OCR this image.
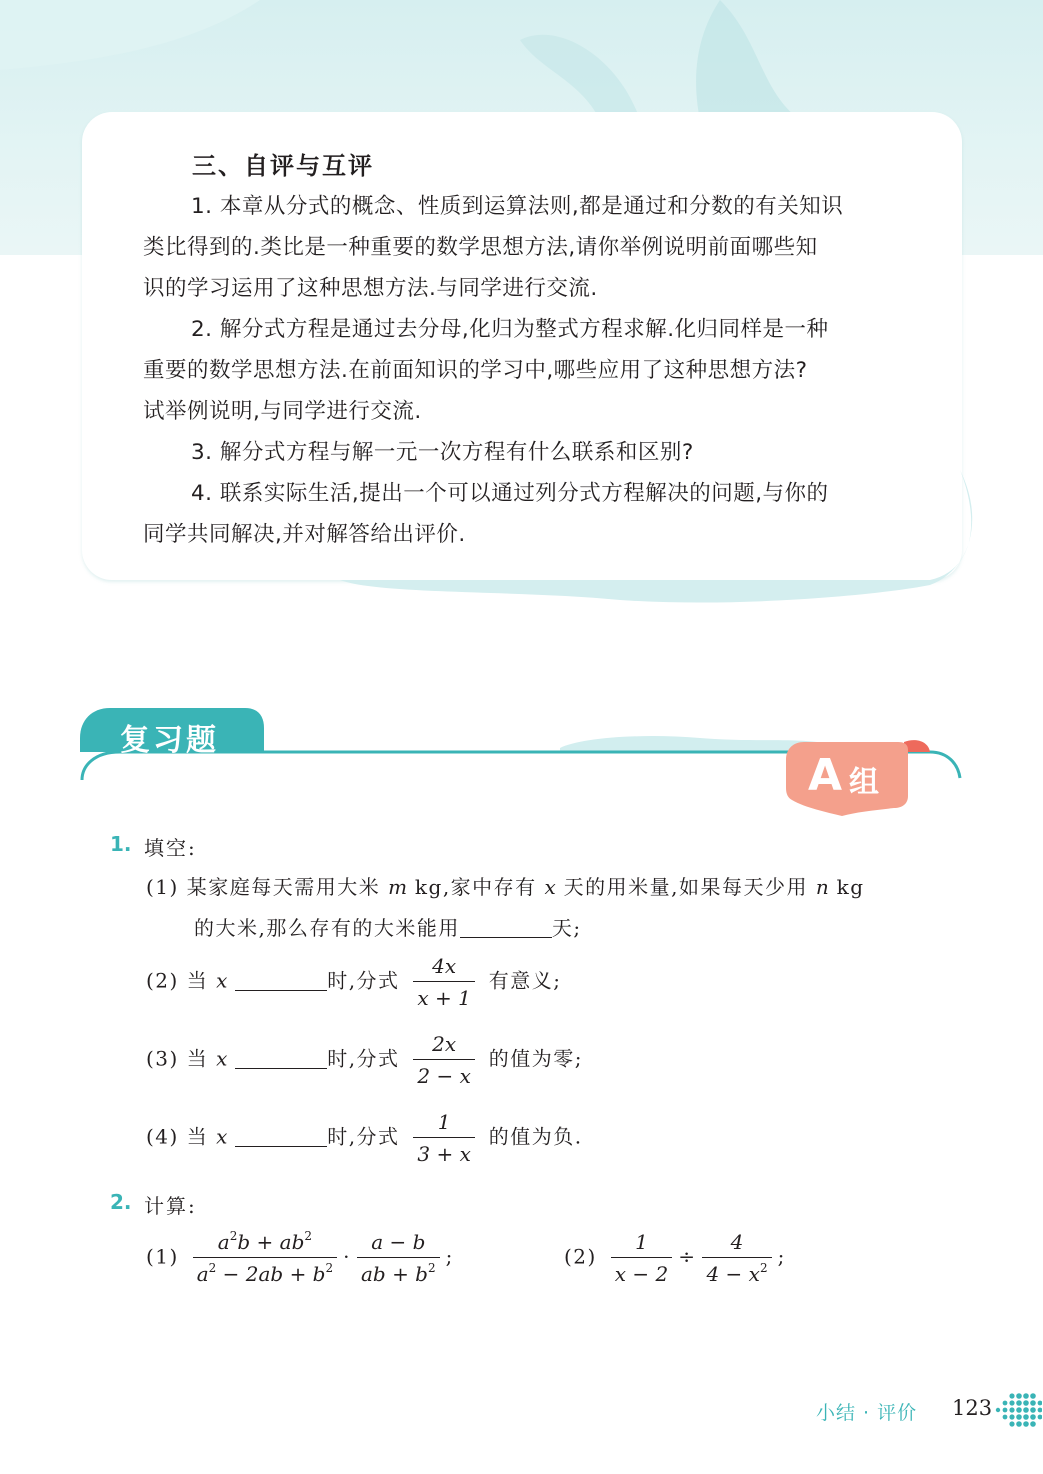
三、自评与互评
1. 本章从分式的概念、性质到运算法则,都是通过和分数的有关知识
类比得到的.类比是一种重要的数学思想方法,请你举例说明前面哪些知
识的学习运用了这种思想方法.与同学进行交流.
2. 解分式方程是通过去分母,化归为整式方程求解.化归同样是一种
重要的数学思想方法.在前面知识的学习中,哪些应用了这种思想方法?
试举例说明,与同学进行交流.
3. 解分式方程与解一元一次方程有什么联系和区别?
4. 联系实际生活,提出一个可以通过列分式方程解决的问题,与你的
同学共同解决,并对解答给出评价.
复习题
A 组
1. 填空:
(1) 某家庭每天需用大米 m kg,家中存有 x 天的用米量,如果每天少用 n kg
的大米,那么存有的大米能用	天;
(2) 当 x	时,分式 $\frac{4x}{x + 1}$ 有意义;
(3) 当 x	时,分式 $\frac{2x}{2 - x}$ 的值为零;
(4) 当 x	时,分式 $\frac{1}{3 + x}$ 的值为负.
2. 计算:
$(1) \frac{a^2b + ab^2}{a^2 - 2ab + b^2} \cdot \frac{a - b}{ab + b^2}$ ;	$(2) \frac{1}{x - 2} \div \frac{4}{4 - x^2}$ ;
小结 · 评价 123
